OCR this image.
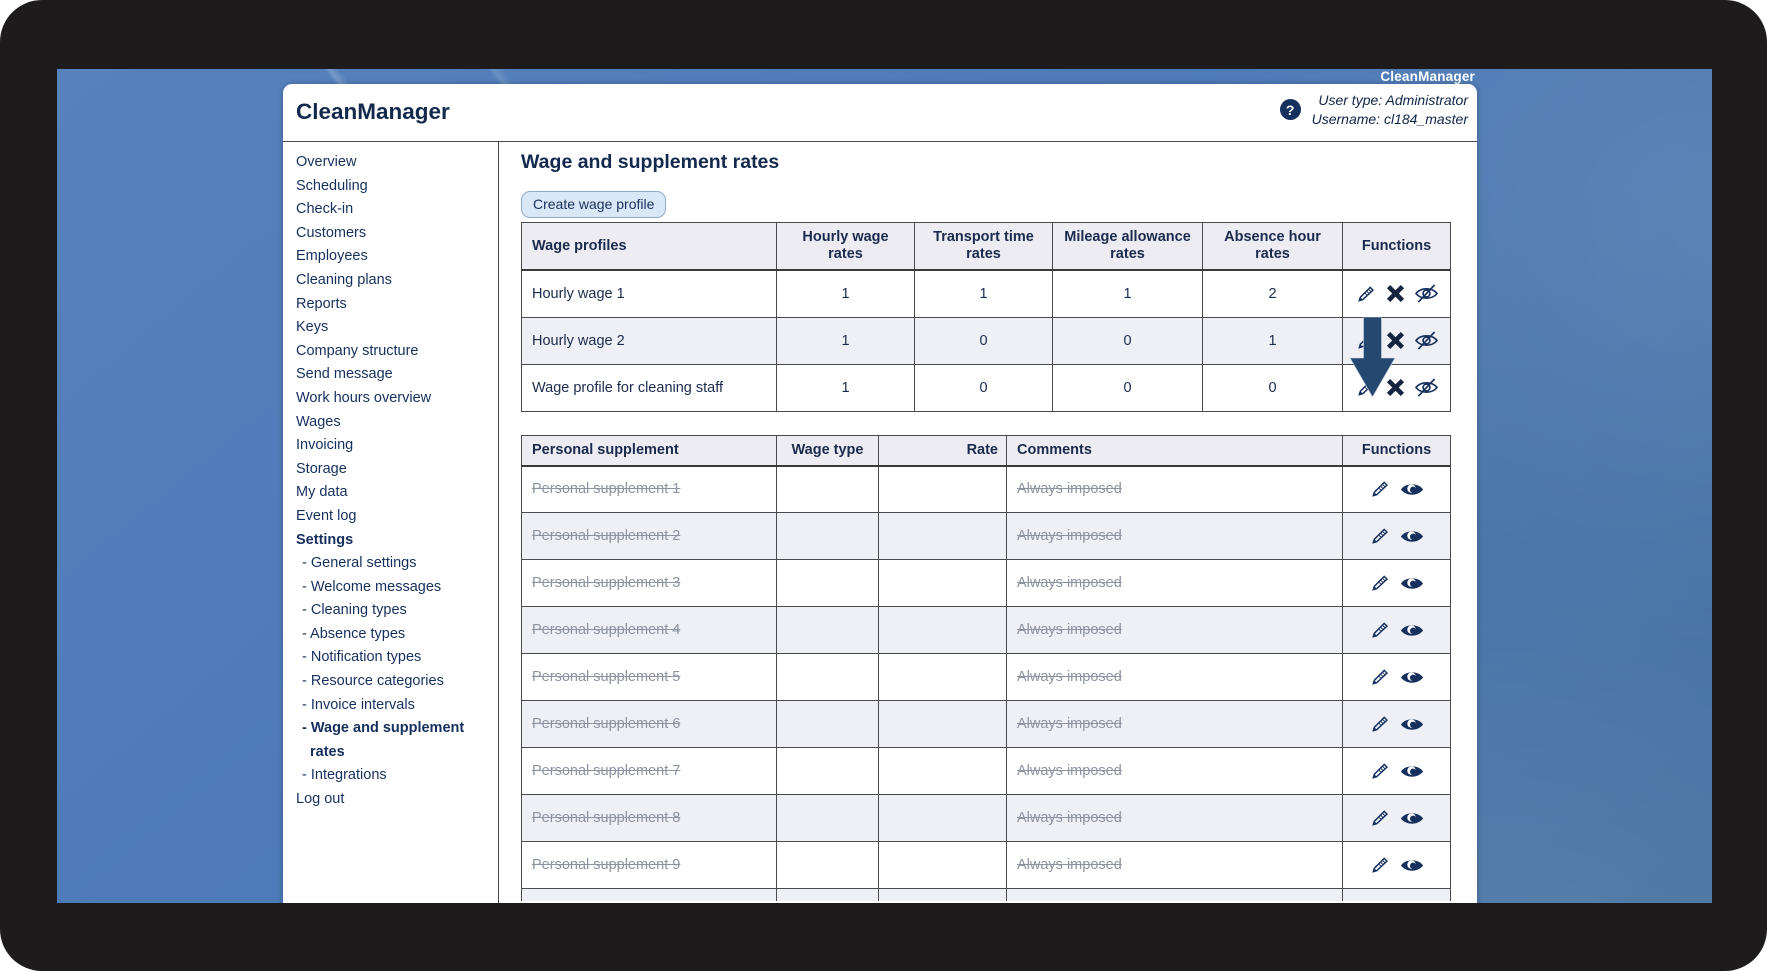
CleanManager
CleanManager	?
User type: Administrator
Username: cl184_master
Overview
Scheduling
Check-in
Customers
Employees
Cleaning plans
Reports
Keys
Company structure
Send message
Work hours overview
Wages
Invoicing
Storage
My data
Event log
Settings
- General settings
- Welcome messages
- Cleaning types
- Absence types
- Notification types
- Resource categories
- Invoice intervals
- Wage and supplement rates
- Integrations
Log out
Wage and supplement rates
Create wage profile
Wage profiles	Hourly wage rates	Transport time rates	Mileage allowance rates	Absence hour rates	Functions
Hourly wage 1	1	1	1	2	

Hourly wage 2	1	0	0	1	

Wage profile for cleaning staff	1	0	0	0	
Personal supplement	Wage type	Rate	Comments	Functions
Personal supplement 1			Always imposed	

Personal supplement 2			Always imposed	

Personal supplement 3			Always imposed	

Personal supplement 4			Always imposed	

Personal supplement 5			Always imposed	

Personal supplement 6			Always imposed	

Personal supplement 7			Always imposed	

Personal supplement 8			Always imposed	

Personal supplement 9			Always imposed	
